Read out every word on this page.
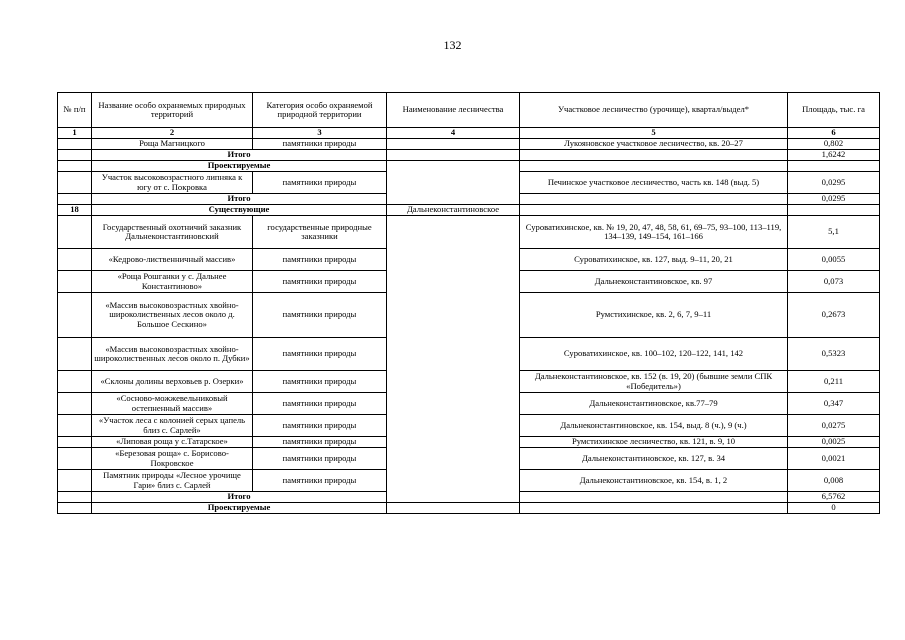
132
№ п/п	Название особо охраняемых природных территорий	Категория особо охраняемой природной территории	Наименование лесничества	Участковое лесничество (урочище), квартал/выдел*	Площадь, тыс. га
1	2	3	4	5	6
	Роща Магницкого	памятники природы		Лукояновское участковое лесничество, кв. 20–27	0,802
	Итого				1,6242
	Проектируемые				
	Участок высоковозрастного липняка к югу от с. Покровка	памятники природы		Печинское участковое лесничество, часть кв. 148 (выд. 5)	0,0295
	Итого				0,0295
18	Существующие		Дальнеконстантиновское		
	Государственный охотничий заказник Дальнеконстантиновский	государственные природные заказники		Суроватихинское, кв. № 19, 20, 47, 48, 58, 61, 69–75, 93–100, 113–119, 134–139, 149–154, 161–166	5,1
	«Кедрово-лиственничный массив»	памятники природы		Суроватихинское, кв. 127, выд. 9–11, 20, 21	0,0055
	«Роща Рошганки у с. Дальнее Константиново»	памятники природы		Дальнеконстантиновское, кв. 97	0,073
	«Массив высоковозрастных хвойно-широколиственных лесов около д. Большое Сескино»	памятники природы		Румстихинское, кв. 2, 6, 7, 9–11	0,2673
	«Массив высоковозрастных хвойно-широколиственных лесов около п. Дубки»	памятники природы		Суроватихинское, кв. 100–102, 120–122, 141, 142	0,5323
	«Склоны долины верховьев р. Озерки»	памятники природы		Дальнеконстантиновское, кв. 152 (в. 19, 20) (бывшие земли СПК «Победитель»)	0,211
	«Сосново-можжевельниковый остепненный массив»	памятники природы		Дальнеконстантиновское, кв.77–79	0,347
	«Участок леса с колонией серых цапель близ с. Сарлей»	памятники природы		Дальнеконстантиновское, кв. 154, выд. 8 (ч.), 9 (ч.)	0,0275
	«Липовая роща у с.Татарское»	памятники природы		Румстихинское лесничество, кв. 121, в. 9, 10	0,0025
	«Березовая роща» с. Борисово-Покровское	памятники природы		Дальнеконстантиновское, кв. 127, в. 34	0,0021
	Памятник природы «Лесное урочище Гари» близ с. Сарлей	памятники природы		Дальнеконстантиновское, кв. 154, в. 1, 2	0,008
	Итого				6,5762
	Проектируемые				0
